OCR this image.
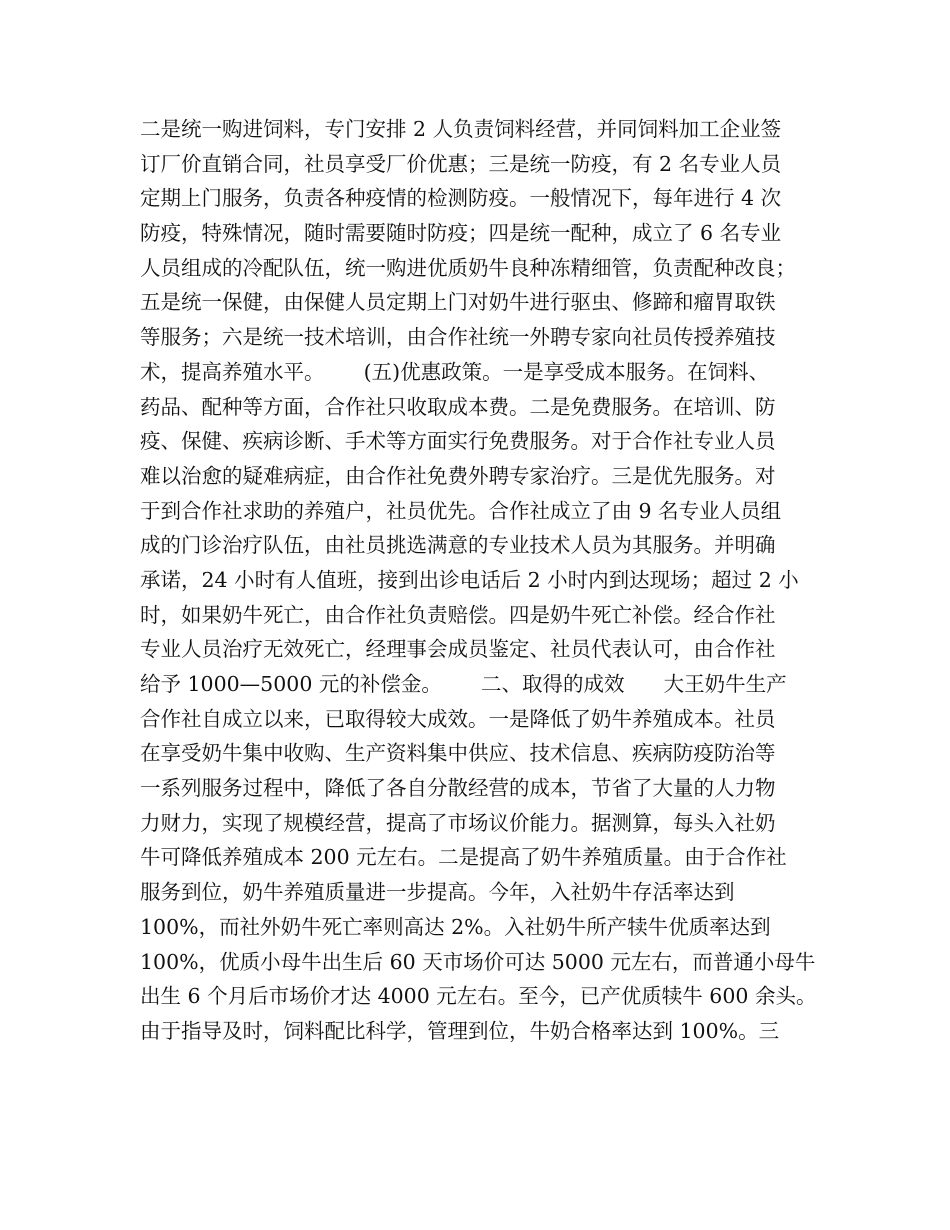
二是统一购进饲料，专门安排 2 人负责饲料经营，并同饲料加工企业签
订厂价直销合同，社员享受厂价优惠；三是统一防疫，有 2 名专业人员
定期上门服务，负责各种疫情的检测防疫。一般情况下，每年进行 4 次
防疫，特殊情况，随时需要随时防疫；四是统一配种，成立了 6 名专业
人员组成的冷配队伍，统一购进优质奶牛良种冻精细管，负责配种改良；
五是统一保健，由保健人员定期上门对奶牛进行驱虫、修蹄和瘤胃取铁
等服务；六是统一技术培训，由合作社统一外聘专家向社员传授养殖技
术，提高养殖水平。      (五)优惠政策。一是享受成本服务。在饲料、
药品、配种等方面，合作社只收取成本费。二是免费服务。在培训、防
疫、保健、疾病诊断、手术等方面实行免费服务。对于合作社专业人员
难以治愈的疑难病症，由合作社免费外聘专家治疗。三是优先服务。对
于到合作社求助的养殖户，社员优先。合作社成立了由 9 名专业人员组
成的门诊治疗队伍，由社员挑选满意的专业技术人员为其服务。并明确
承诺，24 小时有人值班，接到出诊电话后 2 小时内到达现场；超过 2 小
时，如果奶牛死亡，由合作社负责赔偿。四是奶牛死亡补偿。经合作社
专业人员治疗无效死亡，经理事会成员鉴定、社员代表认可，由合作社
给予 1000—5000 元的补偿金。      二、取得的成效      大王奶牛生产
合作社自成立以来，已取得较大成效。一是降低了奶牛养殖成本。社员
在享受奶牛集中收购、生产资料集中供应、技术信息、疾病防疫防治等
一系列服务过程中，降低了各自分散经营的成本，节省了大量的人力物
力财力，实现了规模经营，提高了市场议价能力。据测算，每头入社奶
牛可降低养殖成本 200 元左右。二是提高了奶牛养殖质量。由于合作社
服务到位，奶牛养殖质量进一步提高。今年，入社奶牛存活率达到
100%，而社外奶牛死亡率则高达 2%。入社奶牛所产犊牛优质率达到
100%，优质小母牛出生后 60 天市场价可达 5000 元左右，而普通小母牛
出生 6 个月后市场价才达 4000 元左右。至今，已产优质犊牛 600 余头。
由于指导及时，饲料配比科学，管理到位，牛奶合格率达到 100%。三
